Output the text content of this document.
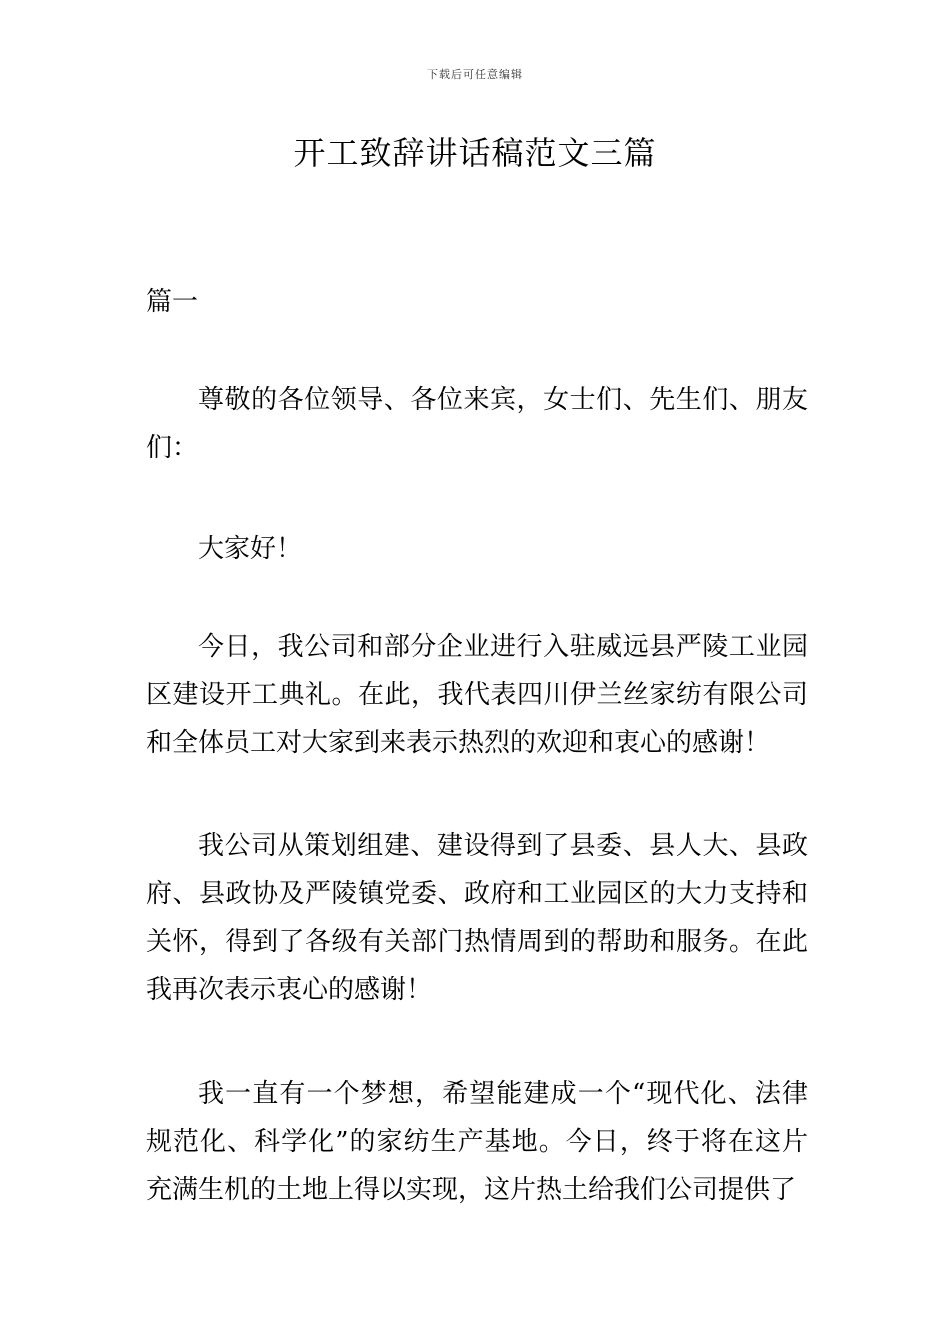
下载后可任意编辑
开工致辞讲话稿范文三篇
篇一

尊敬的各位领导、各位来宾，女士们、先生们、朋友们：

大家好！

今日，我公司和部分企业进行入驻威远县严陵工业园区建设开工典礼。在此，我代表四川伊兰丝家纺有限公司和全体员工对大家到来表示热烈的欢迎和衷心的感谢！

我公司从策划组建、建设得到了县委、县人大、县政府、县政协及严陵镇党委、政府和工业园区的大力支持和关怀，得到了各级有关部门热情周到的帮助和服务。在此我再次表示衷心的感谢！

我一直有一个梦想，希望能建成一个“现代化、法律规范化、科学化”的家纺生产基地。今日，终于将在这片充满生机的土地上得以实现，这片热土给我们公司提供了
